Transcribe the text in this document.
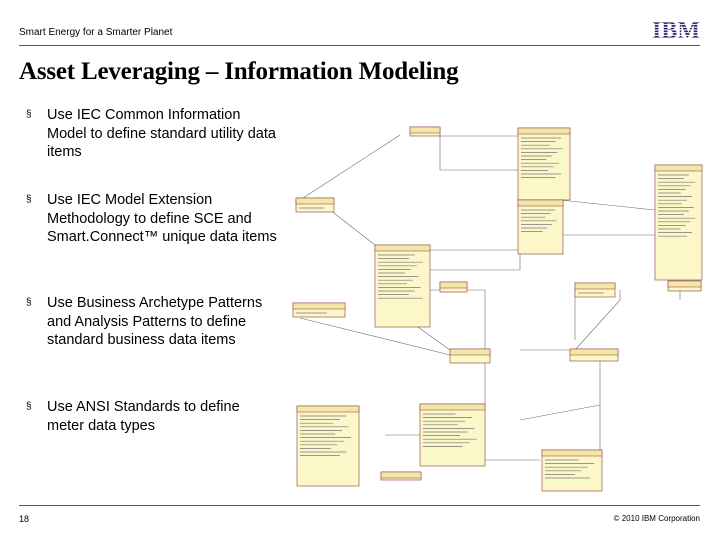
Smart Energy for a Smarter Planet	IBM
Asset Leveraging – Information Modeling
§ Use IEC Common Information Model to define standard utility data items
§ Use IEC Model Extension Methodology to define SCE and Smart.Connect™ unique data items
§ Use Business Archetype Patterns and Analysis Patterns to define standard business data items
§ Use ANSI Standards to define meter data types
18	© 2010 IBM Corporation
